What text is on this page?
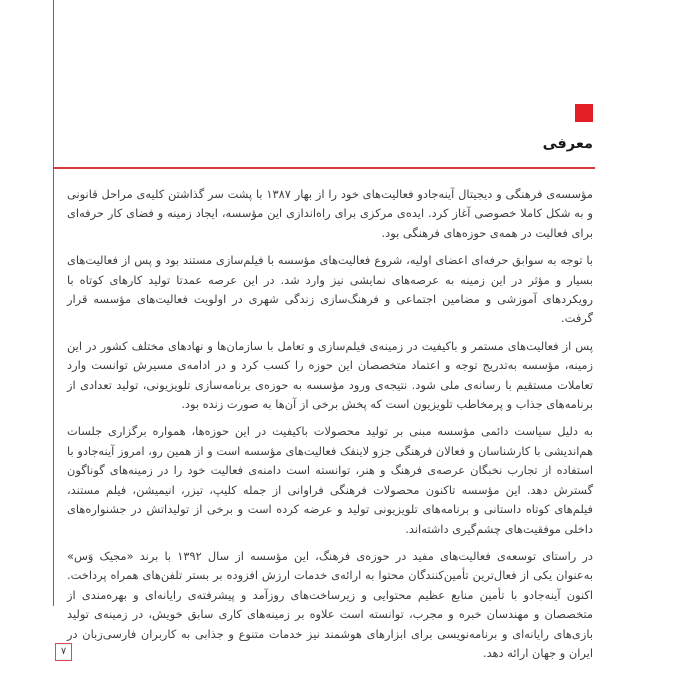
معرفی

مؤسسه‌ی فرهنگی و دیجیتال آینه‌جادو فعالیت‌های خود را از بهار ۱۳۸۷ با پشت سر گذاشتن کلیه‌ی مراحل قانونی و به شکل کاملا خصوصی آغاز کرد. ایده‌ی مرکزی برای راه‌اندازی این مؤسسه، ایجاد زمینه و فضای کار حرفه‌ای برای فعالیت در همه‌ی حوزه‌های فرهنگی بود.

با توجه به سوابق حرفه‌ای اعضای اولیه، شروع فعالیت‌های مؤسسه با فیلم‌سازی مستند بود و پس از فعالیت‌های بسیار و مؤثر در این زمینه به عرصه‌های نمایشی نیز وارد شد. در این عرصه عمدتا تولید کارهای کوتاه با رویکردهای آموزشی و مضامین اجتماعی و فرهنگ‌سازی زندگی شهری در اولویت فعالیت‌های مؤسسه قرار گرفت.

پس از فعالیت‌های مستمر و باکیفیت در زمینه‌ی فیلم‌سازی و تعامل با سازمان‌ها و نهادهای مختلف کشور در این زمینه، مؤسسه به‌تدریج توجه و اعتماد متخصصان این حوزه را کسب کرد و در ادامه‌ی مسیرش توانست وارد تعاملات مستقیم با رسانه‌ی ملی شود. نتیجه‌ی ورود مؤسسه به حوزه‌ی برنامه‌سازی تلویزیونی، تولید تعدادی از برنامه‌های جذاب و پرمخاطب تلویزیون است که پخش برخی از آن‌ها به صورت زنده بود.

به دلیل سیاست دائمی مؤسسه مبنی بر تولید محصولات باکیفیت در این حوزه‌ها، همواره برگزاری جلسات هم‌اندیشی با کارشناسان و فعالان فرهنگی جزو لاینفک فعالیت‌های مؤسسه است و از همین رو، امروز آینه‌جادو با استفاده از تجارب نخبگان عرصه‌ی فرهنگ و هنر، توانسته است دامنه‌ی فعالیت خود را در زمینه‌های گوناگون گسترش دهد. این مؤسسه تاکنون محصولات فرهنگی فراوانی از جمله کلیپ، تیزر، انیمیشن، فیلم مستند، فیلم‌های کوتاه داستانی و برنامه‌های تلویزیونی تولید و عرضه کرده است و برخی از تولیداتش در جشنواره‌های داخلی موفقیت‌های چشم‌گیری داشته‌اند.

در راستای توسعه‌ی فعالیت‌های مفید در حوزه‌ی فرهنگ، این مؤسسه از سال ۱۳۹۲ با برند «مجیک وَس» به‌عنوان یکی از فعال‌ترین تأمین‌کنندگان محتوا به ارائه‌ی خدمات ارزش افزوده بر بستر تلفن‌های همراه پرداخت. اکنون آینه‌جادو با تأمین منابع عظیم محتوایی و زیرساخت‌های روزآمد و پیشرفته‌ی رایانه‌ای و بهره‌مندی از متخصصان و مهندسان خبره و مجرب، توانسته است علاوه بر زمینه‌های کاری سابق خویش، در زمینه‌ی تولید بازی‌های رایانه‌ای و برنامه‌نویسی برای ابزارهای هوشمند نیز خدمات متنوع و جذابی به کاربران فارسی‌زبان در ایران و جهان ارائه دهد.

۷
